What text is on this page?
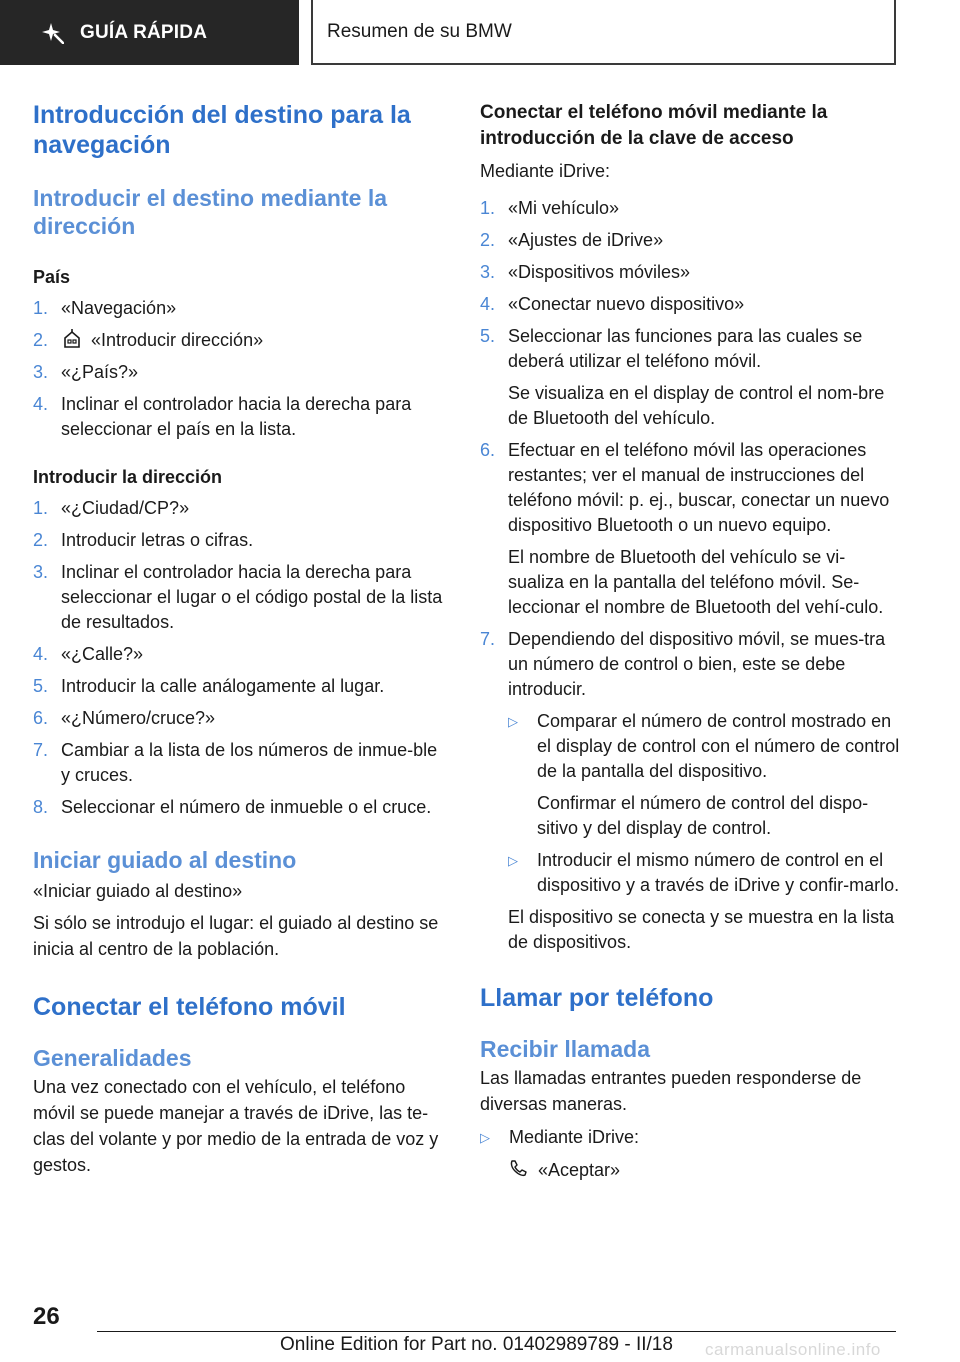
GUÍA RÁPIDA	Resumen de su BMW
Introducción del destino para la navegación
Introducir el destino mediante la dirección
País
1. «Navegación»
2.	«Introducir dirección»
3. «¿País?»
4. Inclinar el controlador hacia la derecha para seleccionar el país en la lista.
Introducir la dirección
1. «¿Ciudad/CP?»
2. Introducir letras o cifras.
3. Inclinar el controlador hacia la derecha para seleccionar el lugar o el código postal de la lista de resultados.
4. «¿Calle?»
5. Introducir la calle análogamente al lugar.
6. «¿Número/cruce?»
7. Cambiar a la lista de los números de inmue-ble y cruces.
8. Seleccionar el número de inmueble o el cruce.
Iniciar guiado al destino
«Iniciar guiado al destino»
Si sólo se introdujo el lugar: el guiado al destino se inicia al centro de la población.
Conectar el teléfono móvil
Generalidades
Una vez conectado con el vehículo, el teléfono móvil se puede manejar a través de iDrive, las te-clas del volante y por medio de la entrada de voz y gestos.
Conectar el teléfono móvil mediante la introducción de la clave de acceso
Mediante iDrive:
1. «Mi vehículo»
2. «Ajustes de iDrive»
3. «Dispositivos móviles»
4. «Conectar nuevo dispositivo»
5. Seleccionar las funciones para las cuales se deberá utilizar el teléfono móvil.
Se visualiza en el display de control el nom-bre de Bluetooth del vehículo.
6. Efectuar en el teléfono móvil las operaciones restantes; ver el manual de instrucciones del teléfono móvil: p. ej., buscar, conectar un nuevo dispositivo Bluetooth o un nuevo equipo.
El nombre de Bluetooth del vehículo se vi-sualiza en la pantalla del teléfono móvil. Se-leccionar el nombre de Bluetooth del vehí-culo.
7. Dependiendo del dispositivo móvil, se mues-tra un número de control o bien, este se debe introducir.
▷	Comparar el número de control mostrado en el display de control con el número de control de la pantalla del dispositivo.
Confirmar el número de control del dispo-sitivo y del display de control.
▷	Introducir el mismo número de control en el dispositivo y a través de iDrive y confir-marlo.
El dispositivo se conecta y se muestra en la lista de dispositivos.
Llamar por teléfono
Recibir llamada
Las llamadas entrantes pueden responderse de diversas maneras.
▷	Mediante iDrive:
«Aceptar»
26
Online Edition for Part no. 01402989789 - II/18 carmanualsonline.info
